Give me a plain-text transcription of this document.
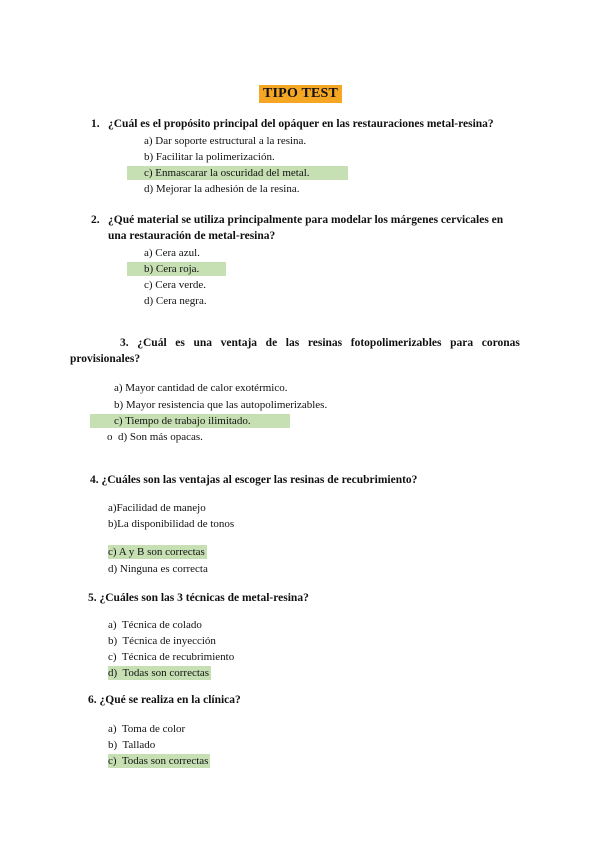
TIPO TEST
1. ¿Cuál es el propósito principal del opáquer en las restauraciones metal-resina?
a) Dar soporte estructural a la resina.
b) Facilitar la polimerización.
c) Enmascarar la oscuridad del metal.
d) Mejorar la adhesión de la resina.
2. ¿Qué material se utiliza principalmente para modelar los márgenes cervicales en
una restauración de metal-resina?
a) Cera azul.
b) Cera roja.
c) Cera verde.
d) Cera negra.
3.   ¿Cuál   es   una   ventaja   de   las   resinas   fotopolimerizables   para   coronas
provisionales?
a) Mayor cantidad de calor exotérmico.
b) Mayor resistencia que las autopolimerizables.
c) Tiempo de trabajo ilimitado.
o  d) Son más opacas.
4. ¿Cuáles son las ventajas al escoger las resinas de recubrimiento?
a)Facilidad de manejo
b)La disponibilidad de tonos
c) A y B son correctas
d) Ninguna es correcta
5. ¿Cuáles son las 3 técnicas de metal-resina?
a)  Técnica de colado
b)  Técnica de inyección
c)  Técnica de recubrimiento
d)  Todas son correctas
6. ¿Qué se realiza en la clínica?
a)  Toma de color
b)  Tallado
c)  Todas son correctas
